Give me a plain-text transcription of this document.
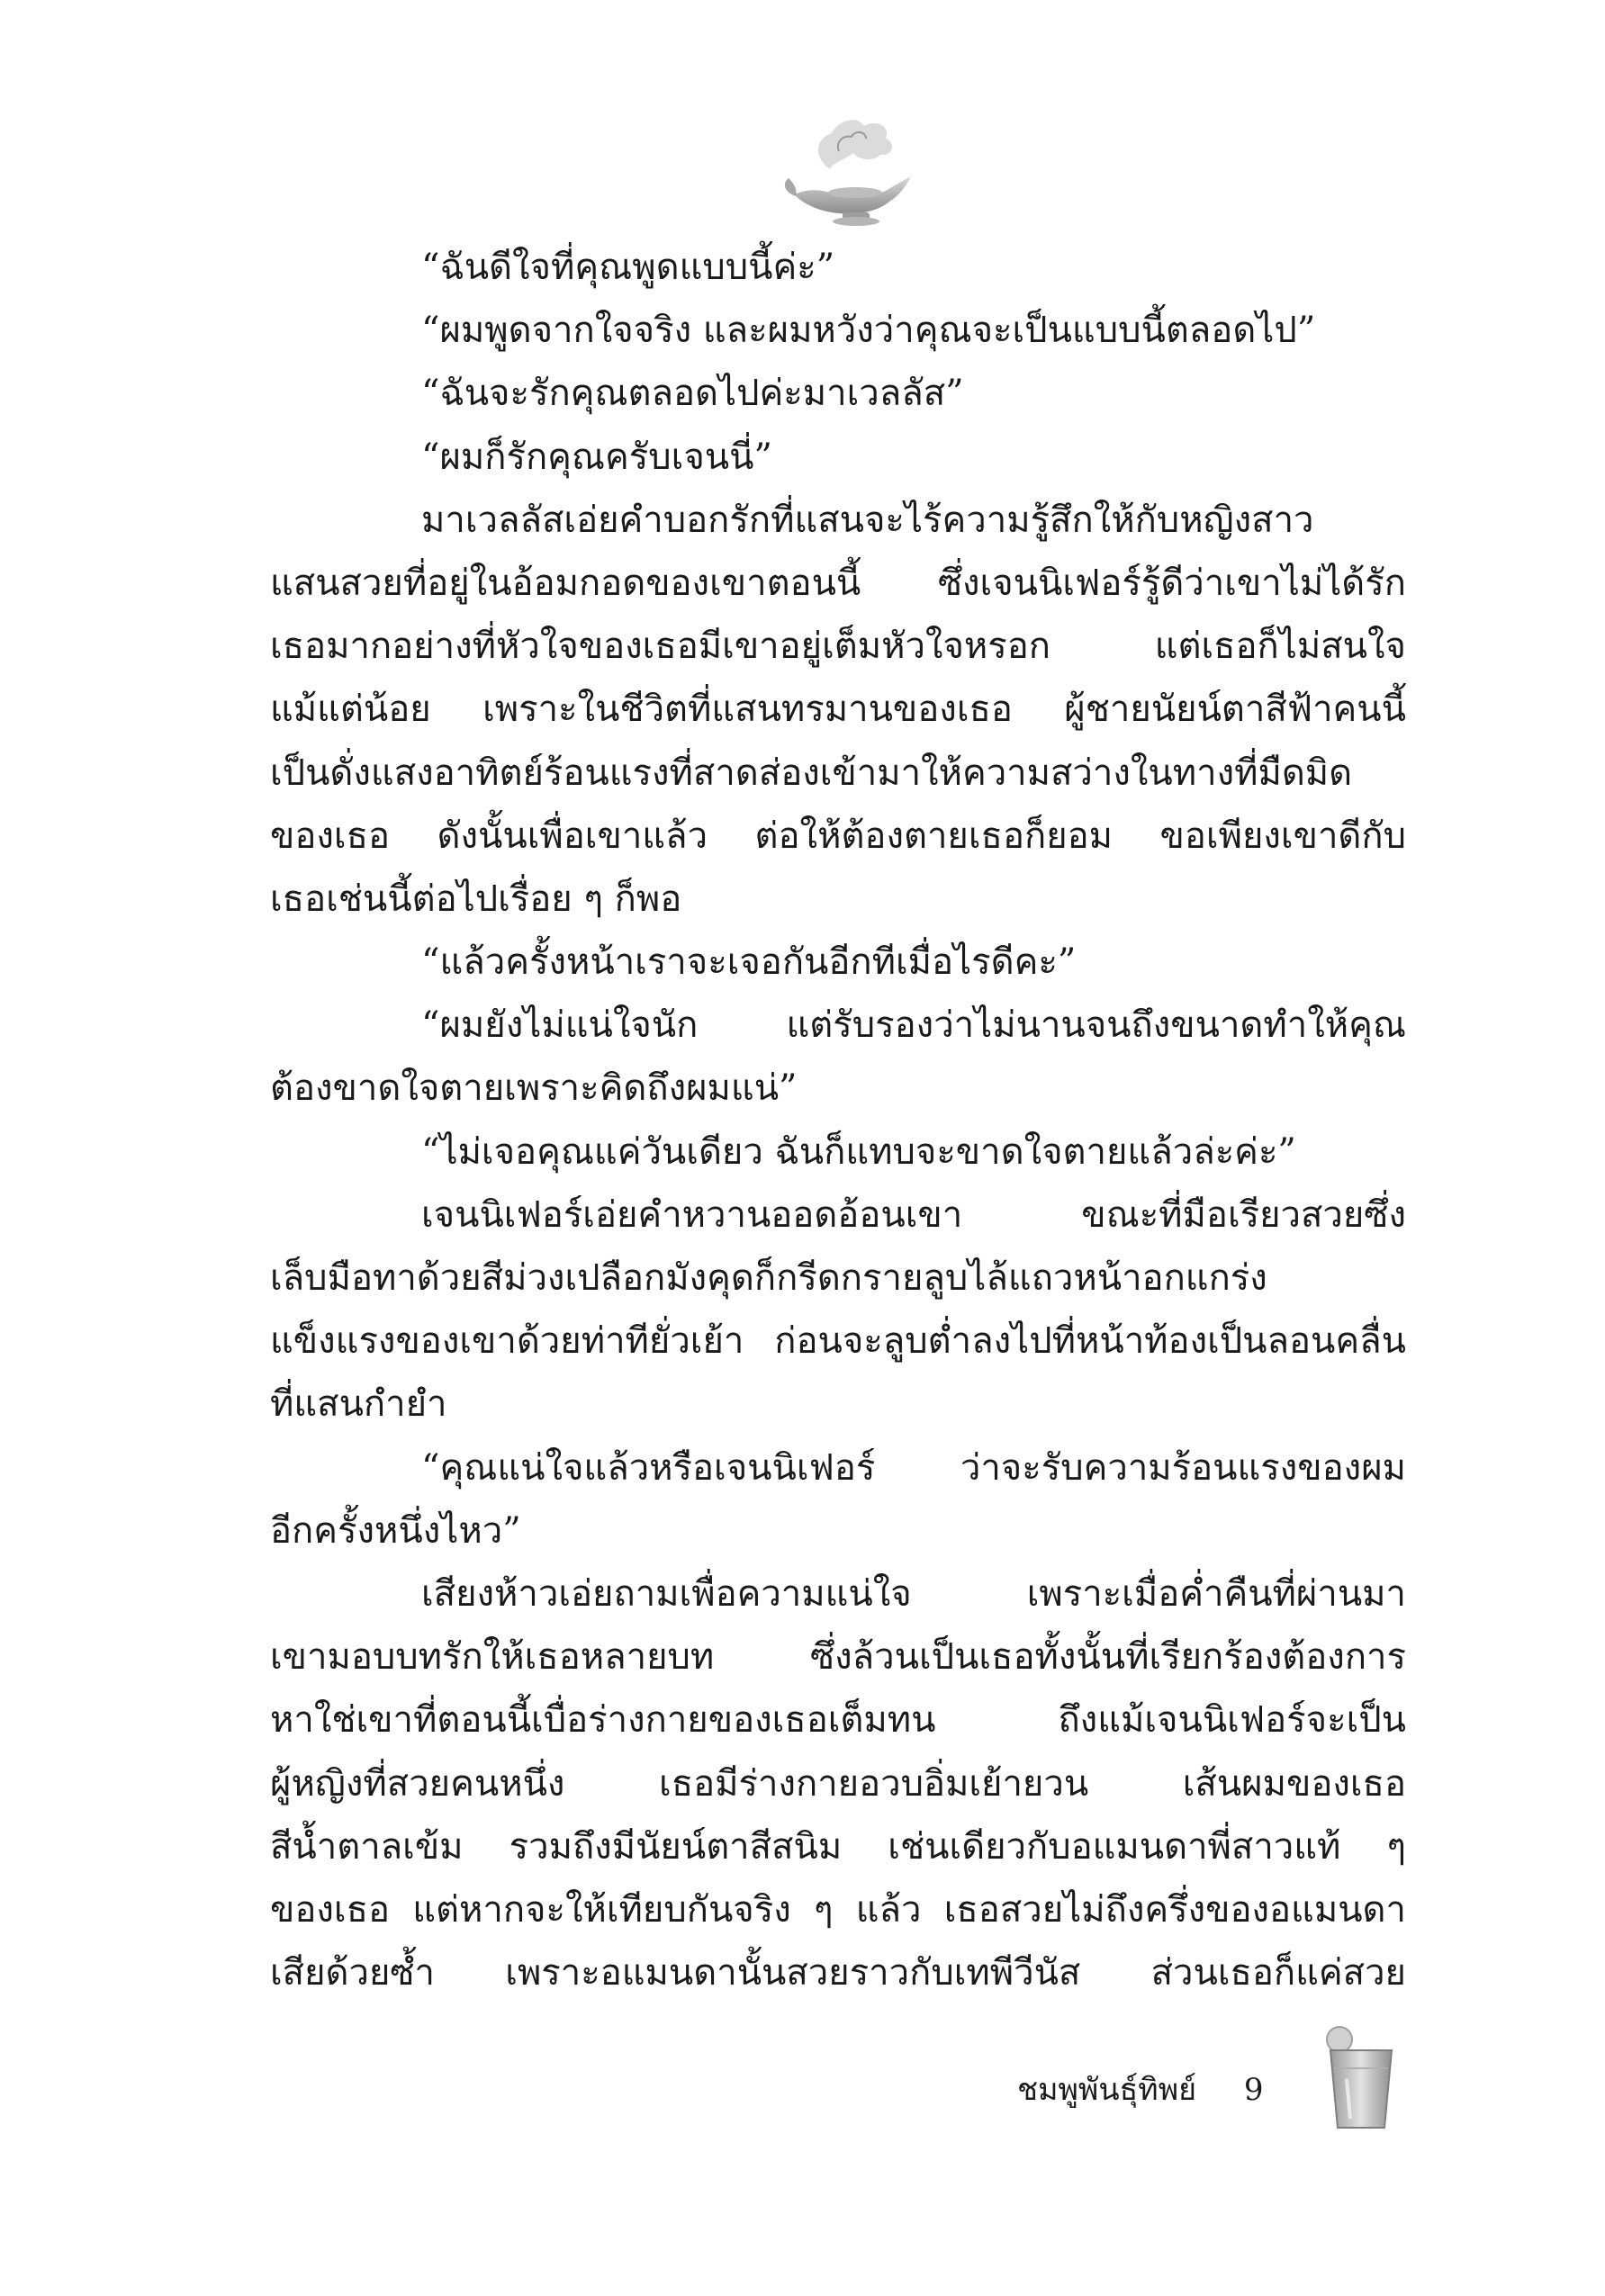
“ฉันดีใจที่คุณพูดแบบนี้ค่ะ”
“ผมพูดจากใจจริง และผมหวังว่าคุณจะเป็นแบบนี้ตลอดไป”
“ฉันจะรักคุณตลอดไปค่ะมาเวลลัส”
“ผมก็รักคุณครับเจนนี่”
มาเวลลัสเอ่ยคำบอกรักที่แสนจะไร้ความรู้สึกให้กับหญิงสาว
แสนสวยที่อยู่ในอ้อมกอดของเขาตอนนี้ ซึ่งเจนนิเฟอร์รู้ดีว่าเขาไม่ได้รัก
เธอมากอย่างที่หัวใจของเธอมีเขาอยู่เต็มหัวใจหรอก แต่เธอก็ไม่สนใจ
แม้แต่น้อย เพราะในชีวิตที่แสนทรมานของเธอ ผู้ชายนัยน์ตาสีฟ้าคนนี้
เป็นดั่งแสงอาทิตย์ร้อนแรงที่สาดส่องเข้ามาให้ความสว่างในทางที่มืดมิด
ของเธอ ดังนั้นเพื่อเขาแล้ว ต่อให้ต้องตายเธอก็ยอม ขอเพียงเขาดีกับ
เธอเช่นนี้ต่อไปเรื่อย ๆ ก็พอ
“แล้วครั้งหน้าเราจะเจอกันอีกทีเมื่อไรดีคะ”
“ผมยังไม่แน่ใจนัก แต่รับรองว่าไม่นานจนถึงขนาดทำให้คุณ
ต้องขาดใจตายเพราะคิดถึงผมแน่”
“ไม่เจอคุณแค่วันเดียว ฉันก็แทบจะขาดใจตายแล้วล่ะค่ะ”
เจนนิเฟอร์เอ่ยคำหวานออดอ้อนเขา ขณะที่มือเรียวสวยซึ่ง
เล็บมือทาด้วยสีม่วงเปลือกมังคุดก็กรีดกรายลูบไล้แถวหน้าอกแกร่ง
แข็งแรงของเขาด้วยท่าทียั่วเย้า ก่อนจะลูบต่ำลงไปที่หน้าท้องเป็นลอนคลื่น
ที่แสนกำยำ
“คุณแน่ใจแล้วหรือเจนนิเฟอร์ ว่าจะรับความร้อนแรงของผม
อีกครั้งหนึ่งไหว”
เสียงห้าวเอ่ยถามเพื่อความแน่ใจ เพราะเมื่อค่ำคืนที่ผ่านมา
เขามอบบทรักให้เธอหลายบท ซึ่งล้วนเป็นเธอทั้งนั้นที่เรียกร้องต้องการ
หาใช่เขาที่ตอนนี้เบื่อร่างกายของเธอเต็มทน ถึงแม้เจนนิเฟอร์จะเป็น
ผู้หญิงที่สวยคนหนึ่ง เธอมีร่างกายอวบอิ่มเย้ายวน เส้นผมของเธอ
สีน้ำตาลเข้ม รวมถึงมีนัยน์ตาสีสนิม เช่นเดียวกับอแมนดาพี่สาวแท้ ๆ
ของเธอ แต่หากจะให้เทียบกันจริง ๆ แล้ว เธอสวยไม่ถึงครึ่งของอแมนดา
เสียด้วยซ้ำ เพราะอแมนดานั้นสวยราวกับเทพีวีนัส ส่วนเธอก็แค่สวย
ชมพูพันธุ์ทิพย์ 9
